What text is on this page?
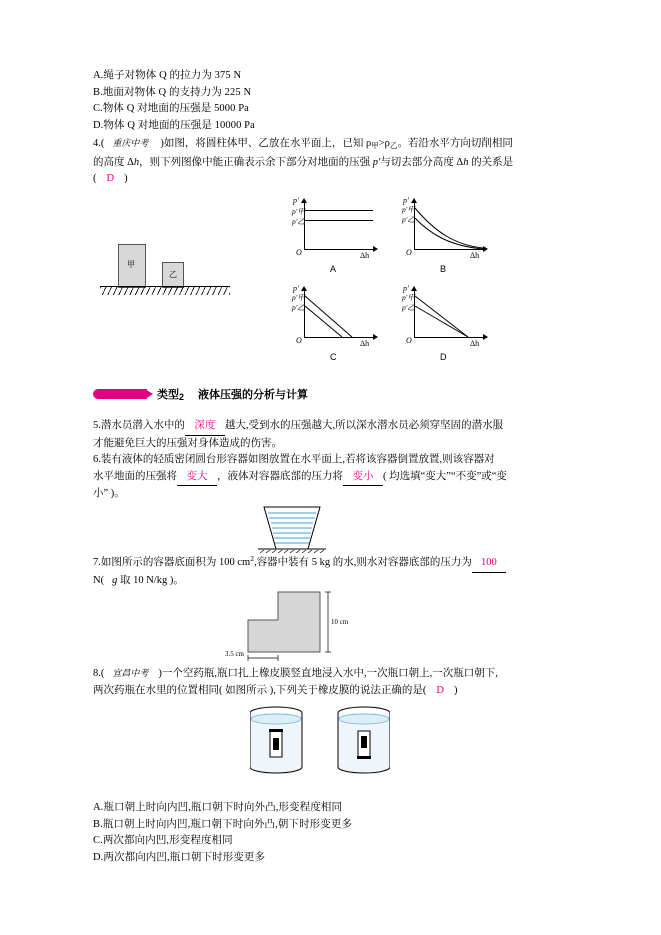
A.绳子对物体 Q 的拉力为 375 N
B.地面对物体 Q 的支持力为 225 N
C.物体 Q 对地面的压强是 5000 Pa
D.物体 Q 对地面的压强是 10000 Pa
4.( 重庆中考 )如图，将圆柱体甲、乙放在水平面上，已知 $\rho_甲>\rho_乙$。若沿水平方向切削相同
的高度 Δh，则下列图像中能正确表示余下部分对地面的压强 p′与切去部分高度 Δh 的关系是
( D )
甲
乙
p′
Δh
O
p′甲
p′乙
A
p′
Δh
O
p′甲
p′乙
B
p′
Δh
O
p′甲
p′乙
C
p′
Δh
O
p′甲
p′乙
D
类型2 液体压强的分析与计算
5.潜水员潜入水中的 深度 越大,受到水的压强越大,所以深水潜水员必须穿坚固的潜水服
才能避免巨大的压强对身体造成的伤害。
6.装有液体的轻质密闭圆台形容器如图放置在水平面上,若将该容器倒置放置,则该容器对
水平地面的压强将 变大 ，液体对容器底部的压力将 变小 ( 均选填“变大”“不变”或“变
小” )。
7.如图所示的容器底面积为 100 $cm^2$,容器中装有 5 kg 的水,则水对容器底部的压力为 100
N( g 取 10 N/kg )。
10 cm
3.5 cm
8.( 宜昌中考 )一个空药瓶,瓶口扎上橡皮膜竖直地浸入水中,一次瓶口朝上,一次瓶口朝下,
两次药瓶在水里的位置相同( 如图所示 ),下列关于橡皮膜的说法正确的是( D )
A.瓶口朝上时向内凹,瓶口朝下时向外凸,形变程度相同
B.瓶口朝上时向内凹,瓶口朝下时向外凸,朝下时形变更多
C.两次都向内凹,形变程度相同
D.两次都向内凹,瓶口朝下时形变更多
